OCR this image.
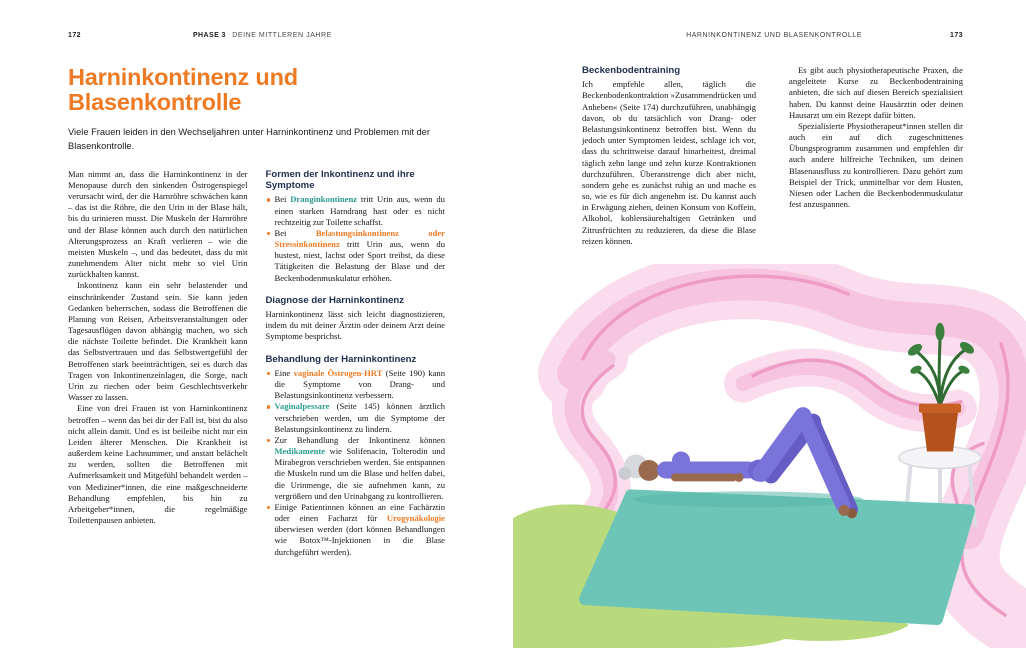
172	PHASE 3 DEINE MITTLEREN JAHRE
Harninkontinenz und Blasenkontrolle

Viele Frauen leiden in den Wechseljahren unter Harninkontinenz und Problemen mit der Blasenkontrolle.

Man nimmt an, dass die Harninkontinenz in der Menopause durch den sinkenden Östrogenspiegel verursacht wird, der die Harnröhre schwächen kann – das ist die Röhre, die den Urin in der Blase hält, bis du urinieren musst. Die Muskeln der Harnröhre und der Blase können auch durch den natürlichen Alterungsprozess an Kraft verlieren – wie die meisten Muskeln –, und das bedeutet, dass du mit zunehmendem Alter nicht mehr so viel Urin zurückhalten kannst.

Inkontinenz kann ein sehr belastender und einschränkender Zustand sein. Sie kann jeden Gedanken beherrschen, sodass die Betroffenen die Planung von Reisen, Arbeitsveranstaltungen oder Tagesausflügen davon abhängig machen, wo sich die nächste Toilette befindet. Die Krankheit kann das Selbstvertrauen und das Selbstwertgefühl der Betroffenen stark beeinträchtigen, sei es durch das Tragen von Inkontinenzeinlagen, die Sorge, nach Urin zu riechen oder beim Geschlechtsverkehr Wasser zu lassen.

Eine von drei Frauen ist von Harninkontinenz betroffen – wenn das bei dir der Fall ist, bist du also nicht allein damit. Und es ist beileibe nicht nur ein Leiden älterer Menschen. Die Krankheit ist außerdem keine Lachnummer, und anstatt belächelt zu werden, sollten die Betroffenen mit Aufmerksamkeit und Mitgefühl behandelt werden – von Mediziner*innen, die eine maßgeschneiderte Behandlung empfehlen, bis hin zu Arbeitgeber*innen, die regelmäßige Toilettenpausen anbieten.

Formen der Inkontinenz und ihre Symptome
Bei Dranginkontinenz tritt Urin aus, wenn du einen starken Harndrang hast oder es nicht rechtzeitig zur Toilette schaffst.
Bei Belastungsinkontinenz oder Stressinkontinenz tritt Urin aus, wenn du hustest, niest, lachst oder Sport treibst, da diese Tätigkeiten die Belastung der Blase und der Beckenbodenmuskulatur erhöhen.
Diagnose der Harninkontinenz

Harninkontinenz lässt sich leicht diagnostizieren, indem du mit deiner Ärztin oder deinem Arzt deine Symptome besprichst.

Behandlung der Harninkontinenz
Eine vaginale Östrogen-HRT (Seite 190) kann die Symptome von Drang- und Belastungsinkontinenz verbessern.
Vaginalpessare (Seite 145) können ärztlich verschrieben werden, um die Symptome der Belastungsinkontinenz zu lindern.
Zur Behandlung der Inkontinenz können Medikamente wie Solifenacin, Tolterodin und Mirabegron verschrieben werden. Sie entspannen die Muskeln rund um die Blase und helfen dabei, die Urinmenge, die sie aufnehmen kann, zu vergrößern und den Urinabgang zu kontrollieren.
Einige Patientinnen können an eine Fachärztin oder einen Facharzt für Urogynäkologie überwiesen werden (dort können Behandlungen wie Botox™-Injektionen in die Blase durchgeführt werden).
HARNINKONTINENZ UND BLASENKONTROLLE	173
Beckenbodentraining

Ich empfehle allen, täglich die Beckenbodenkontraktion »Zusammendrücken und Anheben« (Seite 174) durchzuführen, unabhängig davon, ob du tatsächlich von Drang- oder Belastungsinkontinenz betroffen bist. Wenn du jedoch unter Symptomen leidest, schlage ich vor, dass du schrittweise darauf hinarbeitest, dreimal täglich zehn lange und zehn kurze Kontraktionen durchzuführen. Überanstrenge dich aber nicht, sondern gehe es zunächst ruhig an und mache es so, wie es für dich angenehm ist. Du kannst auch in Erwägung ziehen, deinen Konsum von Koffein, Alkohol, kohlensäurehaltigen Getränken und Zitrusfrüchten zu reduzieren, da diese die Blase reizen können.

Es gibt auch physiotherapeutische Praxen, die angeleitete Kurse zu Beckenbodentraining anbieten, die sich auf diesen Bereich spezialisiert haben. Du kannst deine Hausärztin oder deinen Hausarzt um ein Rezept dafür bitten.

Spezialisierte Physiotherapeut*innen stellen dir auch ein auf dich zugeschnittenes Übungsprogramm zusammen und empfehlen dir auch andere hilfreiche Techniken, um deinen Blasenausfluss zu kontrollieren. Dazu gehört zum Beispiel der Trick, unmittelbar vor dem Husten, Niesen oder Lachen die Beckenbodenmuskulatur fest anzuspannen.
